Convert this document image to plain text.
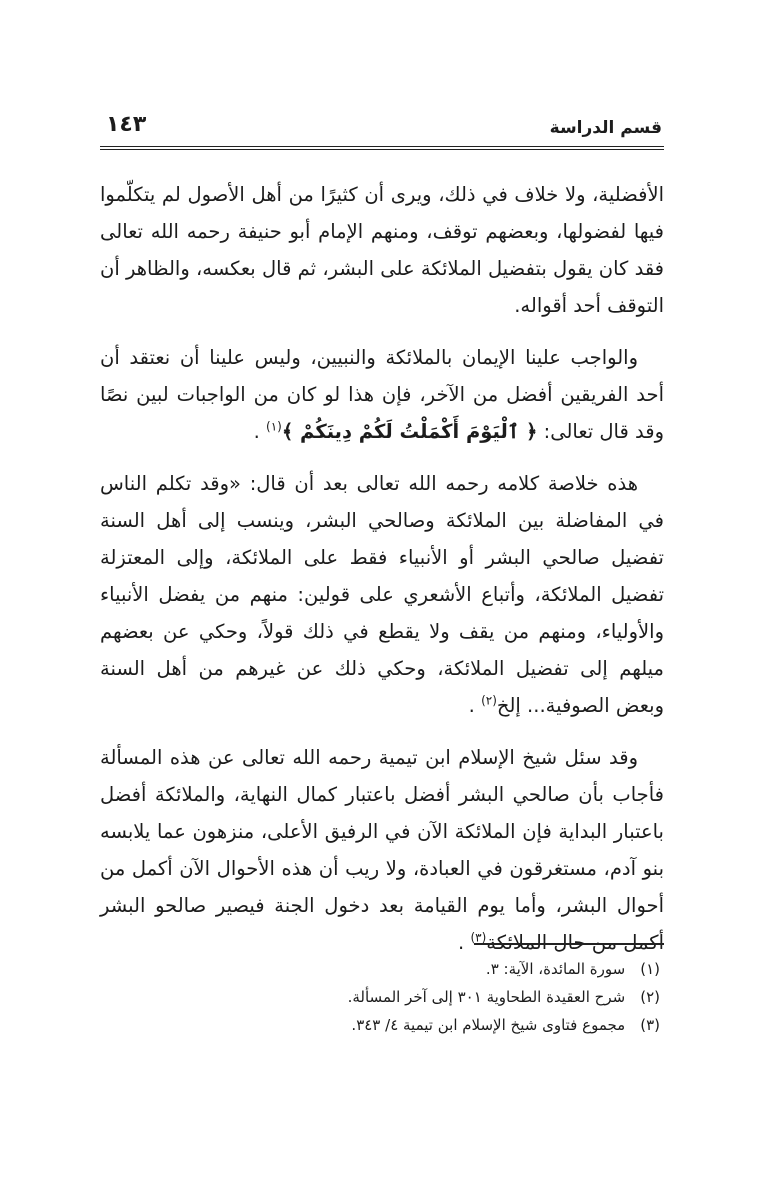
قسم الدراسة
١٤٣

الأفضلية، ولا خلاف في ذلك، ويرى أن كثيرًا من أهل الأصول لم يتكلّموا فيها لفضولها، وبعضهم توقف، ومنهم الإمام أبو حنيفة رحمه الله تعالى فقد كان يقول بتفضيل الملائكة على البشر، ثم قال بعكسه، والظاهر أن التوقف أحد أقواله.

والواجب علينا الإيمان بالملائكة والنبيين، وليس علينا أن نعتقد أن أحد الفريقين أفضل من الآخر، فإن هذا لو كان من الواجبات لبين نصًا وقد قال تعالى: ﴿ ٱلْيَوْمَ أَكْمَلْتُ لَكُمْ دِينَكُمْ ﴾$^{(١)}$ .

هذه خلاصة كلامه رحمه الله تعالى بعد أن قال: «وقد تكلم الناس في المفاضلة بين الملائكة وصالحي البشر، وينسب إلى أهل السنة تفضيل صالحي البشر أو الأنبياء فقط على الملائكة، وإلى المعتزلة تفضيل الملائكة، وأتباع الأشعري على قولين: منهم من يفضل الأنبياء والأولياء، ومنهم من يقف ولا يقطع في ذلك قولاً، وحكي عن بعضهم ميلهم إلى تفضيل الملائكة، وحكي ذلك عن غيرهم من أهل السنة وبعض الصوفية... إلخ$^{(٢)}$ .

وقد سئل شيخ الإسلام ابن تيمية رحمه الله تعالى عن هذه المسألة فأجاب بأن صالحي البشر أفضل باعتبار كمال النهاية، والملائكة أفضل باعتبار البداية فإن الملائكة الآن في الرفيق الأعلى، منزهون عما يلابسه بنو آدم، مستغرقون في العبادة، ولا ريب أن هذه الأحوال الآن أكمل من أحوال البشر، وأما يوم القيامة بعد دخول الجنة فيصير صالحو البشر أكمل من حال الملائكة$^{(٣)}$ .

(١) سورة المائدة، الآية: ٣.

(٢) شرح العقيدة الطحاوية ٣٠١ إلى آخر المسألة.

(٣) مجموع فتاوى شيخ الإسلام ابن تيمية ٤/ ٣٤٣.
